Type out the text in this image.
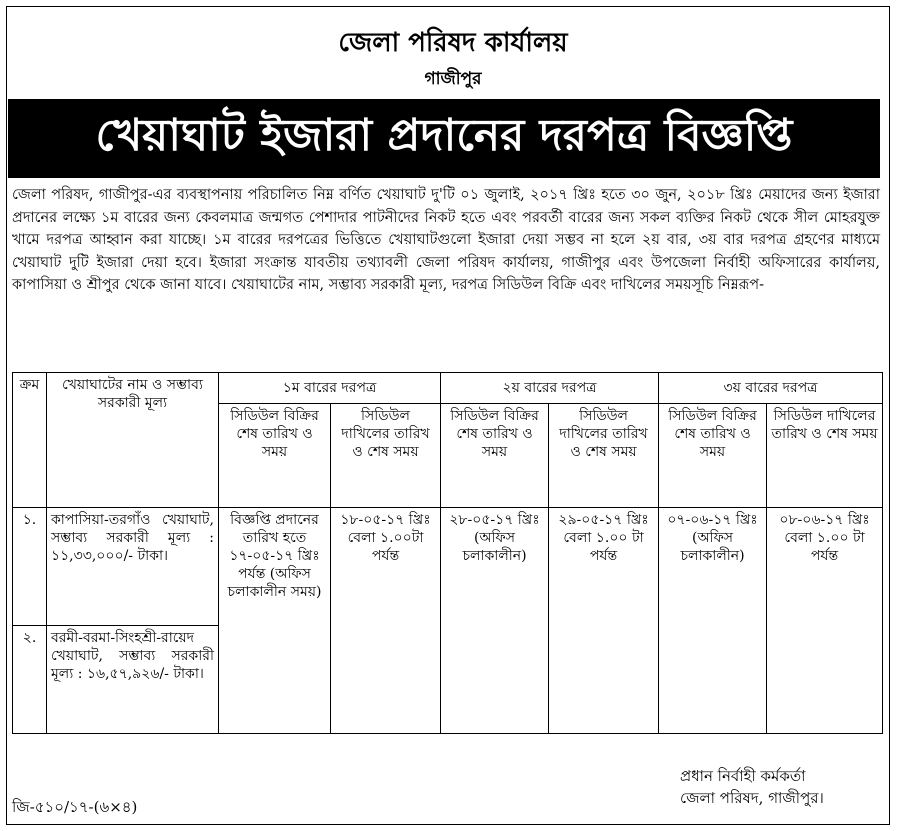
জেলা পরিষদ কার্যালয়
গাজীপুর
খেয়াঘাট ইজারা প্রদানের দরপত্র বিজ্ঞপ্তি
জেলা পরিষদ, গাজীপুর-এর ব্যবস্থাপনায় পরিচালিত নিম্ন বর্ণিত খেয়াঘাট দু'টি ০১ জুলাই, ২০১৭ খ্রিঃ হতে ৩০ জুন, ২০১৮ খ্রিঃ মেয়াদের জন্য ইজারা প্রদানের লক্ষ্যে ১ম বারের জন্য কেবলমাত্র জন্মগত পেশাদার পাটনীদের নিকট হতে এবং পরবর্তী বারের জন্য সকল ব্যক্তির নিকট থেকে সীল মোহরযুক্ত খামে দরপত্র আহ্বান করা যাচ্ছে। ১ম বারের দরপত্রের ভিত্তিতে খেয়াঘাটগুলো ইজারা দেয়া সম্ভব না হলে ২য় বার, ৩য় বার দরপত্র গ্রহণের মাধ্যমে খেয়াঘাট দুটি ইজারা দেয়া হবে। ইজারা সংক্রান্ত যাবতীয় তথ্যাবলী জেলা পরিষদ কার্যালয়, গাজীপুর এবং উপজেলা নির্বাহী অফিসারের কার্যালয়, কাপাসিয়া ও শ্রীপুর থেকে জানা যাবে। খেয়াঘাটের নাম, সম্ভাব্য সরকারী মূল্য, দরপত্র সিডিউল বিক্রি এবং দাখিলের সময়সূচি নিম্নরূপ-
ক্রম	খেয়াঘাটের নাম ও সম্ভাব্য সরকারী মূল্য	১ম বারের দরপত্র		২য় বারের দরপত্র		৩য় বারের দরপত্র	
		সিডিউল বিক্রির শেষ তারিখ ও সময়	সিডিউল দাখিলের তারিখ ও শেষ সময়	সিডিউল বিক্রির শেষ তারিখ ও সময়	সিডিউল দাখিলের তারিখ ও শেষ সময়	সিডিউল বিক্রির শেষ তারিখ ও সময়	সিডিউল দাখিলের তারিখ ও শেষ সময়
১.	কাপাসিয়া-তরগাঁও খেয়াঘাট, সম্ভাব্য সরকারী মূল্য : ১১,৩৩,০০০/- টাকা।	বিজ্ঞপ্তি প্রদানের তারিখ হতে ১৭-০৫-১৭ খ্রিঃ পর্যন্ত (অফিস চলাকালীন সময়)	১৮-০৫-১৭ খ্রিঃ বেলা ১.০০টা পর্যন্ত	২৮-০৫-১৭ খ্রিঃ (অফিস চলাকালীন)	২৯-০৫-১৭ খ্রিঃ বেলা ১.০০ টা পর্যন্ত	০৭-০৬-১৭ খ্রিঃ (অফিস চলাকালীন)	০৮-০৬-১৭ খ্রিঃ বেলা ১.০০ টা পর্যন্ত
২.	বরমী-বরমা-সিংহশ্রী-রায়েদ খেয়াঘাট, সম্ভাব্য সরকারী মূল্য : ১৬,৫৭,৯২৬/- টাকা।						
জি-৫১০/১৭-(৬×৪)
প্রধান নির্বাহী কর্মকর্তা
জেলা পরিষদ, গাজীপুর।
